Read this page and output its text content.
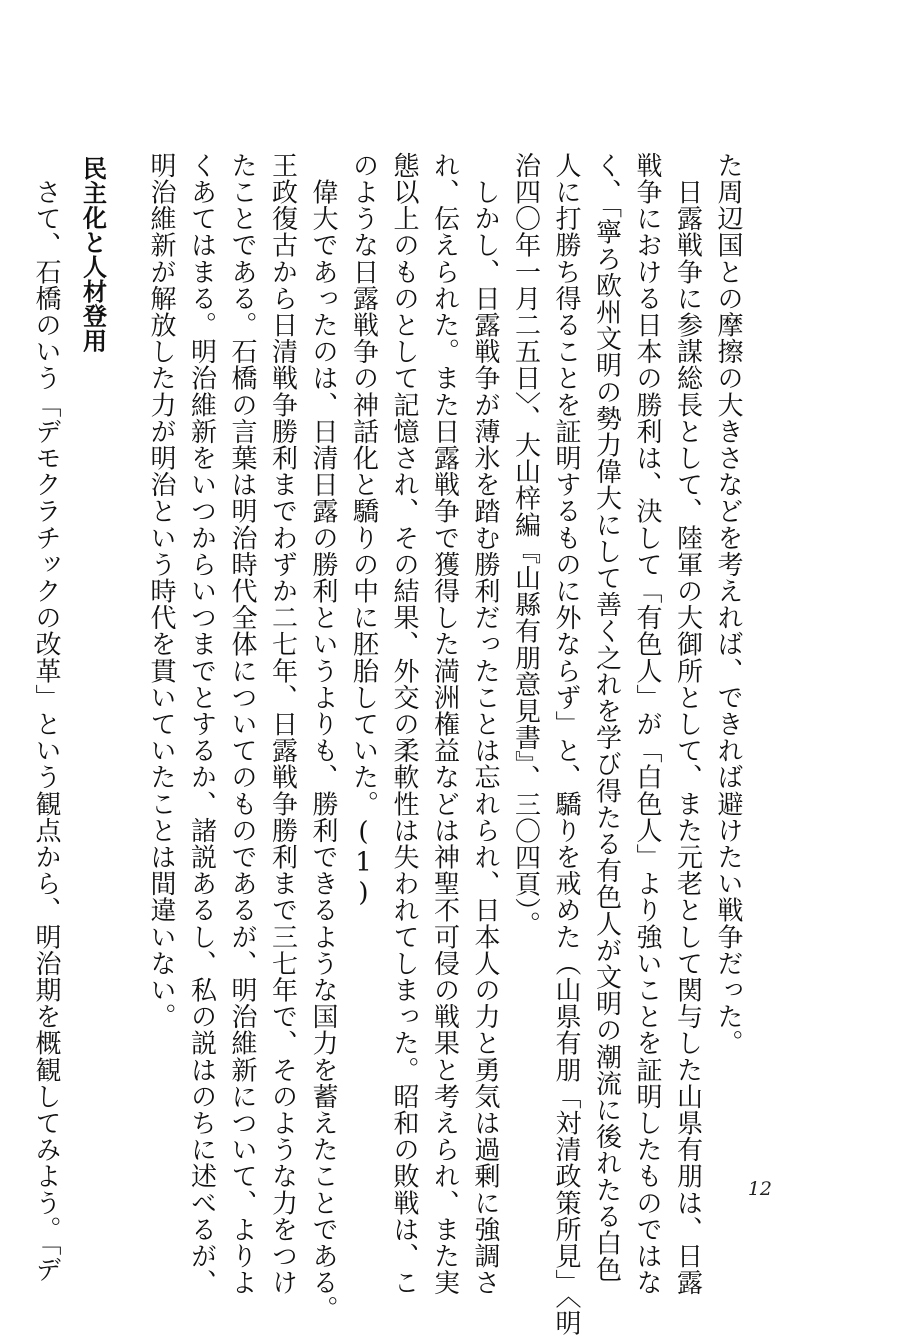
た周辺国との摩擦の大きさなどを考えれば、できれば避けたい戦争だった。
　日露戦争に参謀総長として、陸軍の大御所として、また元老として関与した山県有朋は、日露
戦争における日本の勝利は、決して「有色人」が「白色人」より強いことを証明したものではな
く、「寧ろ欧州文明の勢力偉大にして善く之れを学び得たる有色人が文明の潮流に後れたる白色
人に打勝ち得ることを証明するものに外ならず」と、驕りを戒めた（山県有朋「対清政策所見」〈明
治四〇年一月二五日〉、大山梓編『山縣有朋意見書』、三〇四頁）。
　しかし、日露戦争が薄氷を踏む勝利だったことは忘れられ、日本人の力と勇気は過剰に強調さ
れ、伝えられた。また日露戦争で獲得した満洲権益などは神聖不可侵の戦果と考えられ、また実
態以上のものとして記憶され、その結果、外交の柔軟性は失われてしまった。昭和の敗戦は、こ
のような日露戦争の神話化と驕りの中に胚胎していた。(1)
　偉大であったのは、日清日露の勝利というよりも、勝利できるような国力を蓄えたことである。
王政復古から日清戦争勝利までわずか二七年、日露戦争勝利まで三七年で、そのような力をつけ
たことである。石橋の言葉は明治時代全体についてのものであるが、明治維新について、よりよ
くあてはまる。明治維新をいつからいつまでとするか、諸説あるし、私の説はのちに述べるが、
明治維新が解放した力が明治という時代を貫いていたことは間違いない。
民主化と人材登用
　さて、石橋のいう「デモクラチックの改革」という観点から、明治期を概観してみよう。「デ	12
